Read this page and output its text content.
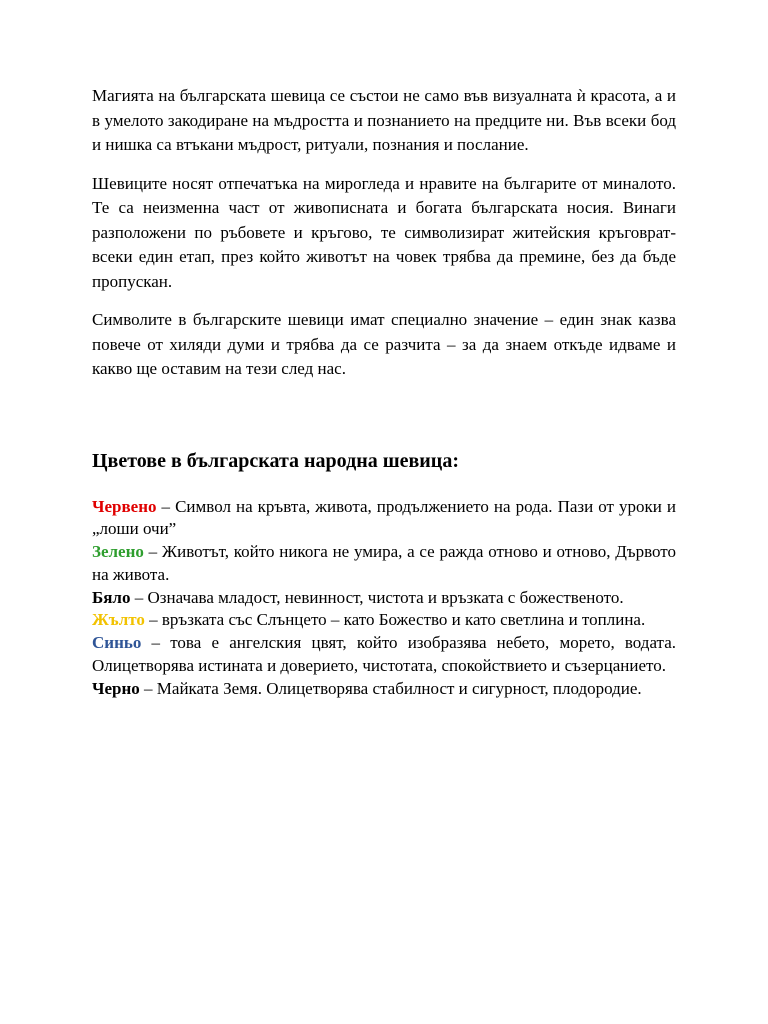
Магията на българската шевица се състои не само във визуалната ѝ красота, а и в умелото закодиране на мъдростта и познанието на предците ни. Във всеки бод и нишка са втъкани мъдрост, ритуали, познания и послание.

Шевиците носят отпечатъка на мирогледа и нравите на българите от миналото. Те са неизменна част от живописната и богата българската носия. Винаги разположени по ръбовете и кръгово, те символизират житейския кръговрат-всеки един етап, през който животът на човек трябва да премине, без да бъде пропускан.

Символите в българските шевици имат специално значение – един знак казва повече от хиляди думи и трябва да се разчита – за да знаем откъде идваме и какво ще оставим на тези след нас.

Цветове в българската народна шевица:

Червено – Символ на кръвта, живота, продължението на рода. Пази от уроки и „лоши очи”

Зелено – Животът, който никога не умира, а се ражда отново и отново, Дървото на живота.

Бяло – Означава младост, невинност, чистота и връзката с божественото.

Жълто – връзката със Слънцето – като Божество и като светлина и топлина.

Синьо – това е ангелския цвят, който изобразява небето, морето, водата. Олицетворява истината и доверието, чистотата, спокойствието и съзерцанието.

Черно – Майката Земя. Олицетворява стабилност и сигурност, плодородие.
